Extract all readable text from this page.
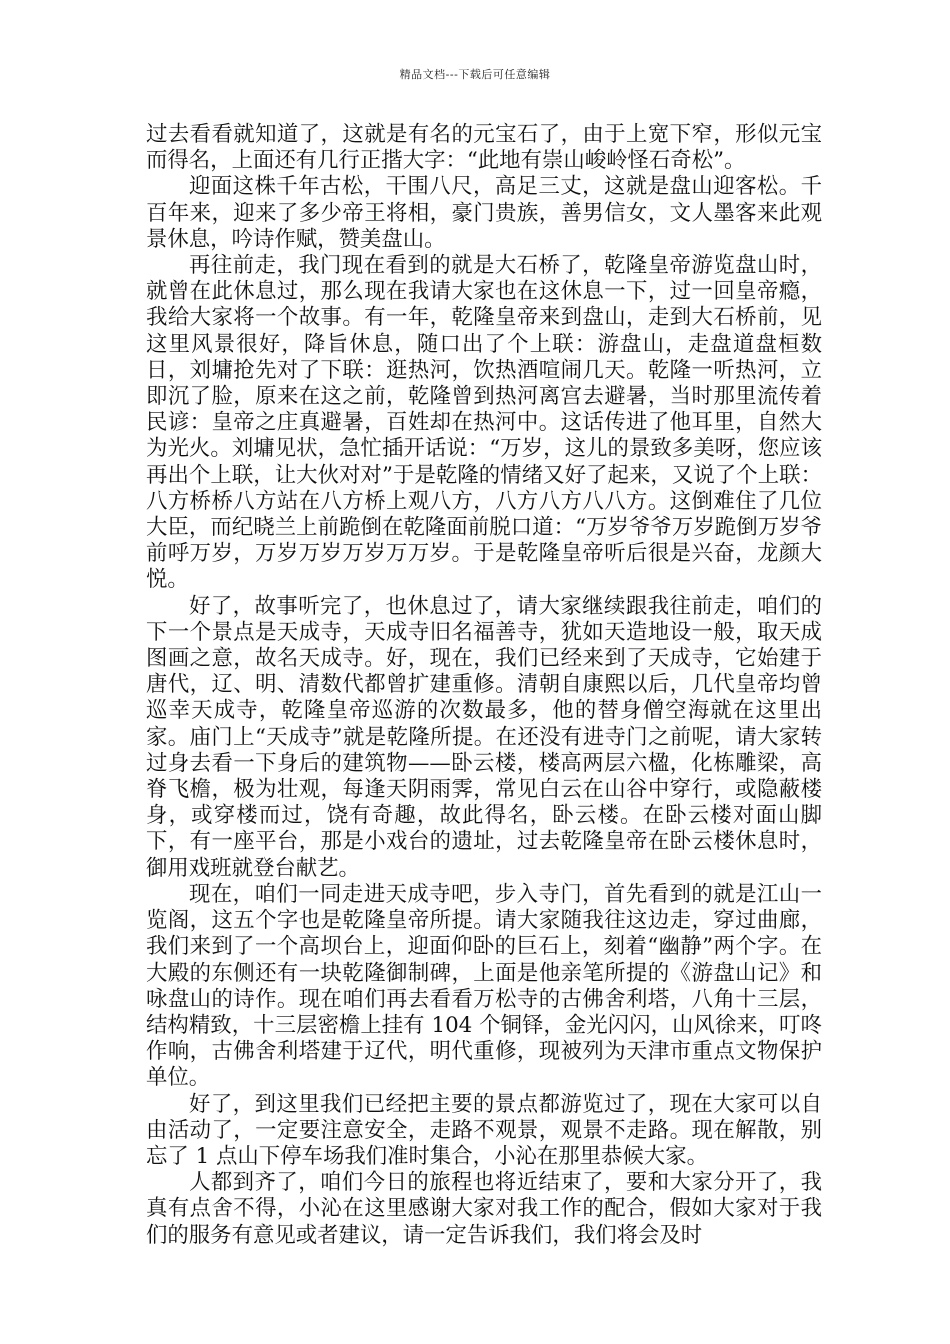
精品文档---下载后可任意编辑

过去看看就知道了，这就是有名的元宝石了，由于上宽下窄，形似元宝而得名，上面还有几行正揩大字：“此地有崇山峻岭怪石奇松”。

迎面这株千年古松，干围八尺，高足三丈，这就是盘山迎客松。千百年来，迎来了多少帝王将相，豪门贵族，善男信女，文人墨客来此观景休息，吟诗作赋，赞美盘山。

再往前走，我门现在看到的就是大石桥了，乾隆皇帝游览盘山时，就曾在此休息过，那么现在我请大家也在这休息一下，过一回皇帝瘾，我给大家将一个故事。有一年，乾隆皇帝来到盘山，走到大石桥前，见这里风景很好，降旨休息，随口出了个上联：游盘山，走盘道盘桓数日，刘墉抢先对了下联：逛热河，饮热酒喧闹几天。乾隆一听热河，立即沉了脸，原来在这之前，乾隆曾到热河离宫去避暑，当时那里流传着民谚：皇帝之庄真避暑，百姓却在热河中。这话传进了他耳里，自然大为光火。刘墉见状，急忙插开话说：“万岁，这儿的景致多美呀，您应该再出个上联，让大伙对对”于是乾隆的情绪又好了起来，又说了个上联：八方桥桥八方站在八方桥上观八方，八方八方八八方。这倒难住了几位大臣，而纪晓兰上前跪倒在乾隆面前脱口道：“万岁爷爷万岁跪倒万岁爷前呼万岁，万岁万岁万岁万万岁。于是乾隆皇帝听后很是兴奋，龙颜大悦。

好了，故事听完了，也休息过了，请大家继续跟我往前走，咱们的下一个景点是天成寺，天成寺旧名福善寺，犹如天造地设一般，取天成图画之意，故名天成寺。好，现在，我们已经来到了天成寺，它始建于唐代，辽、明、清数代都曾扩建重修。清朝自康熙以后，几代皇帝均曾巡幸天成寺，乾隆皇帝巡游的次数最多，他的替身僧空海就在这里出家。庙门上“天成寺”就是乾隆所提。在还没有进寺门之前呢，请大家转过身去看一下身后的建筑物——卧云楼，楼高两层六楹，化栋雕梁，高脊飞檐，极为壮观，每逢天阴雨霁，常见白云在山谷中穿行，或隐蔽楼身，或穿楼而过，饶有奇趣，故此得名，卧云楼。在卧云楼对面山脚下，有一座平台，那是小戏台的遗址，过去乾隆皇帝在卧云楼休息时，御用戏班就登台献艺。

现在，咱们一同走进天成寺吧，步入寺门，首先看到的就是江山一览阁，这五个字也是乾隆皇帝所提。请大家随我往这边走，穿过曲廊，我们来到了一个高坝台上，迎面仰卧的巨石上，刻着“幽静”两个字。在大殿的东侧还有一块乾隆御制碑，上面是他亲笔所提的《游盘山记》和咏盘山的诗作。现在咱们再去看看万松寺的古佛舍利塔，八角十三层，结构精致，十三层密檐上挂有 104 个铜铎，金光闪闪，山风徐来，叮咚作响，古佛舍利塔建于辽代，明代重修，现被列为天津市重点文物保护单位。

好了，到这里我们已经把主要的景点都游览过了，现在大家可以自由活动了，一定要注意安全，走路不观景，观景不走路。现在解散，别忘了 1 点山下停车场我们准时集合，小沁在那里恭候大家。

人都到齐了，咱们今日的旅程也将近结束了，要和大家分开了，我真有点舍不得，小沁在这里感谢大家对我工作的配合，假如大家对于我们的服务有意见或者建议，请一定告诉我们，我们将会及时
